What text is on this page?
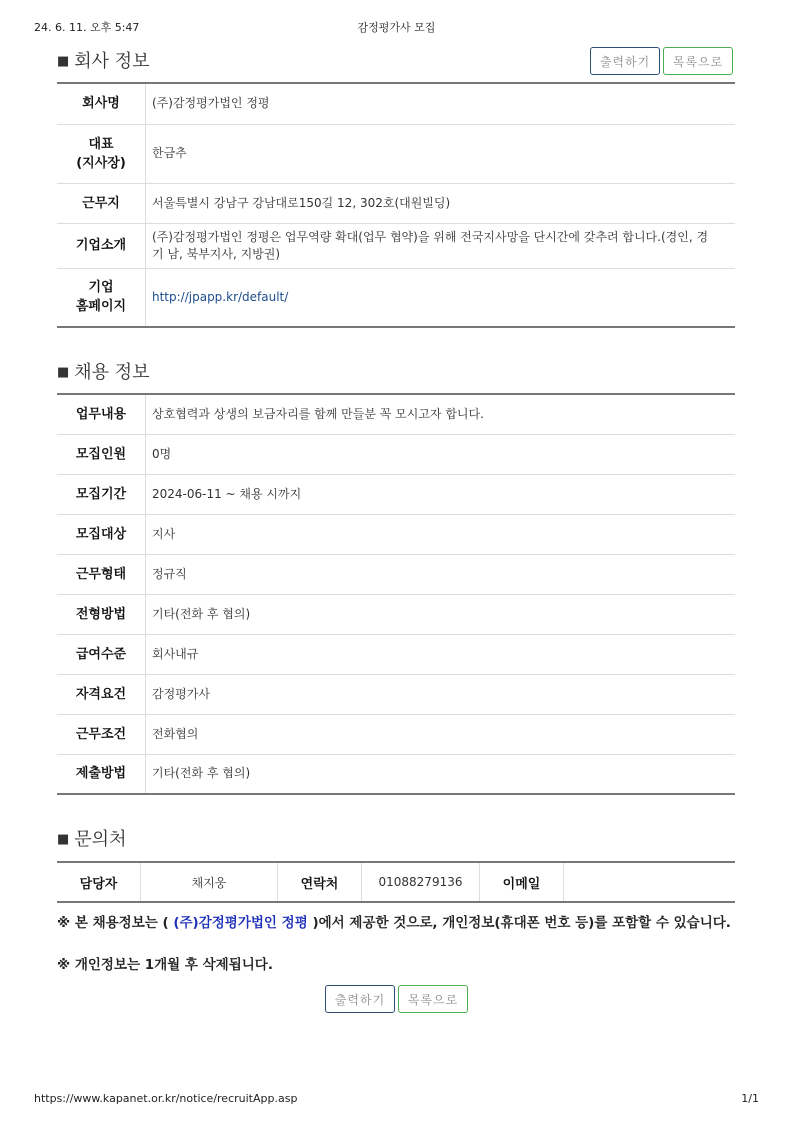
24. 6. 11. 오후 5:47	감정평가사 모집
■ 회사 정보	출력하기	목록으로
회사명	(주)감정평가법인 정평
대표
(지사장)	한금추
근무지	서울특별시 강남구 강남대로150길 12, 302호(대원빌딩)
기업소개	(주)감정평가법인 정평은 업무역량 확대(업무 협약)을 위해 전국지사망을 단시간에 갖추려 합니다.(경인, 경기 남, 북부지사, 지방권)
기업
홈페이지	http://jpapp.kr/default/
■ 채용 정보
업무내용	상호협력과 상생의 보금자리를 함께 만들분 꼭 모시고자 합니다.
모집인원	0명
모집기간	2024-06-11 ~ 채용 시까지
모집대상	지사
근무형태	정규직
전형방법	기타(전화 후 협의)
급여수준	회사내규
자격요건	감정평가사
근무조건	전화협의
제출방법	기타(전화 후 협의)
■ 문의처
담당자	채지웅	연락처	01088279136	이메일	
※ 본 채용정보는 ( (주)감정평가법인 정평 )에서 제공한 것으로, 개인정보(휴대폰 번호 등)를 포함할 수 있습니다.
※ 개인정보는 1개월 후 삭제됩니다.
출력하기	목록으로
https://www.kapanet.or.kr/notice/recruitApp.asp	1/1
